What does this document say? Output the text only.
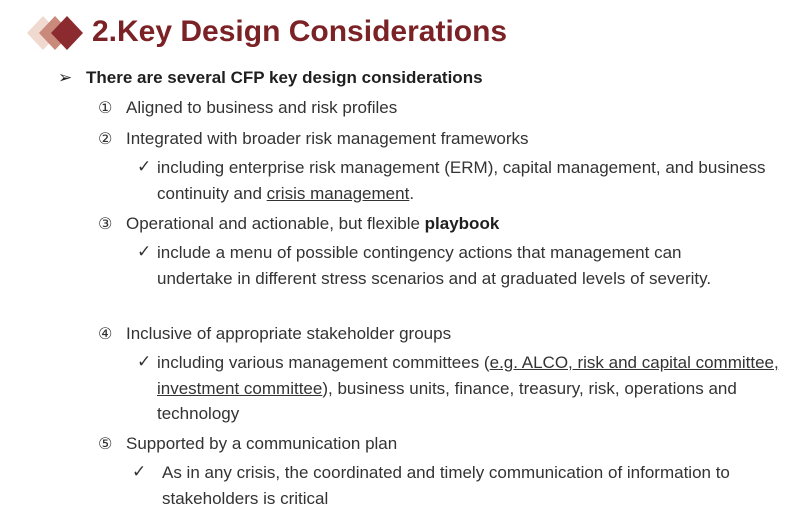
2.Key Design Considerations
➢ There are several CFP key design considerations
① Aligned to business and risk profiles
② Integrated with broader risk management frameworks
✓ including enterprise risk management (ERM), capital management, and business continuity and crisis management.
③ Operational and actionable, but flexible playbook
✓ include a menu of possible contingency actions that management can undertake in different stress scenarios and at graduated levels of severity.
④ Inclusive of appropriate stakeholder groups
✓ including various management committees (e.g. ALCO, risk and capital committee, investment committee), business units, finance, treasury, risk, operations and technology
⑤ Supported by a communication plan
✓ As in any crisis, the coordinated and timely communication of information to stakeholders is critical
